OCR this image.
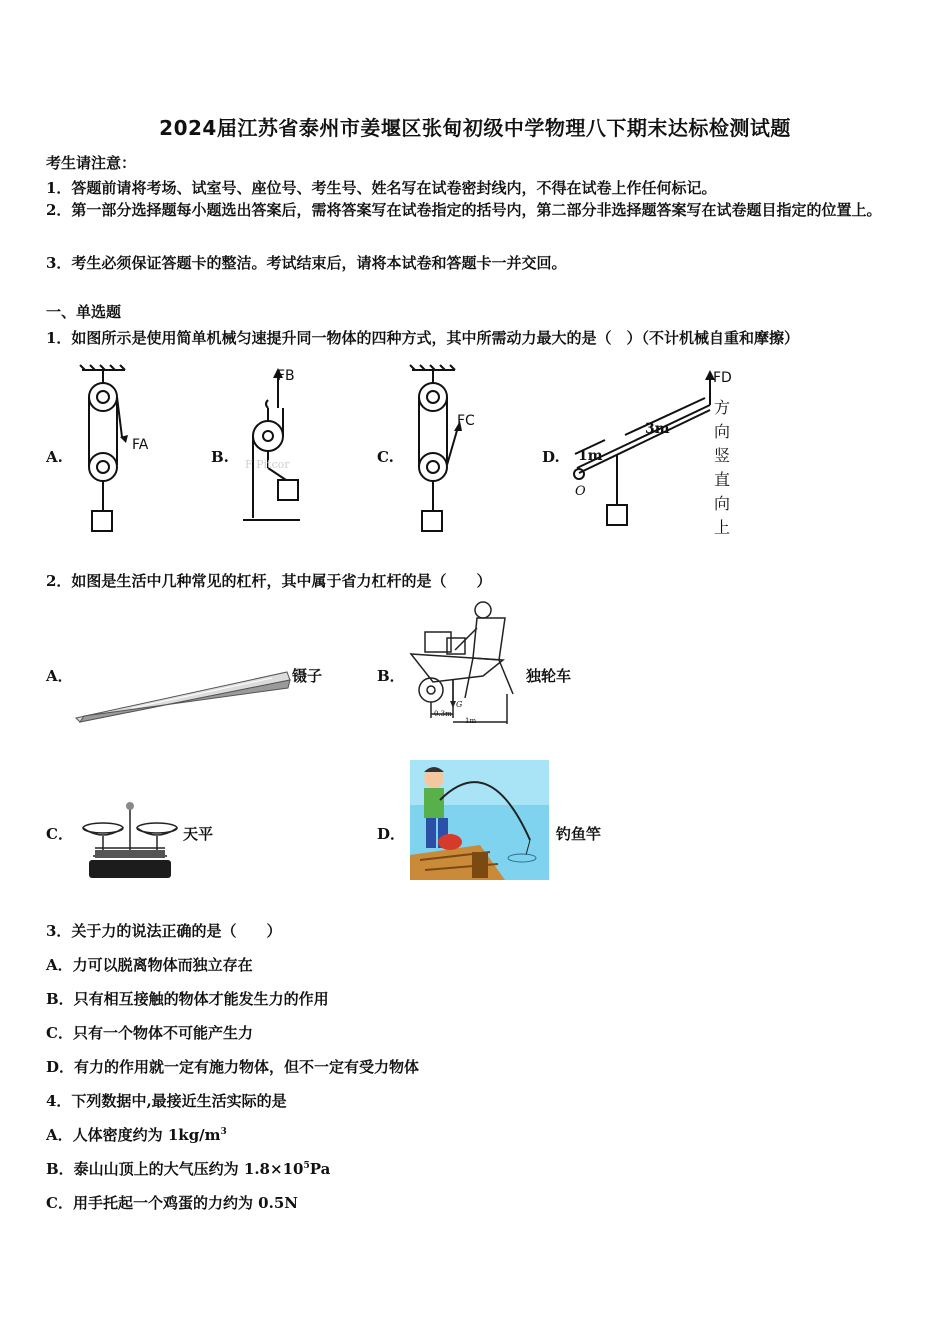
2024届江苏省泰州市姜堰区张甸初级中学物理八下期末达标检测试题
考生请注意：
1．答题前请将考场、试室号、座位号、考生号、姓名写在试卷密封线内，不得在试卷上作任何标记。
2．第一部分选择题每小题选出答案后，需将答案写在试卷指定的括号内，第二部分非选择题答案写在试卷题目指定的位置上。
3．考生必须保证答题卡的整洁。考试结束后，请将本试卷和答题卡一并交回。
一、单选题
1．如图所示是使用简单机械匀速提升同一物体的四种方式，其中所需动力最大的是（　）（不计机械自重和摩擦）
A.	B.	C.	D.
FA
FB
F Pitcor
FC
FD
1m
3m
O
方向竖直向上
2．如图是生活中几种常见的杠杆，其中属于省力杠杆的是（　　）
A．	镊子	B．
G
0.3m
1m
独轮车
C．	天平	D．	钓鱼竿
3．关于力的说法正确的是（　　）
A．力可以脱离物体而独立存在
B．只有相互接触的物体才能发生力的作用
C．只有一个物体不可能产生力
D．有力的作用就一定有施力物体，但不一定有受力物体
4．下列数据中,最接近生活实际的是
A．人体密度约为 $1kg/m^3$
B．泰山山顶上的大气压约为 $1.8\times 10^5Pa$
C．用手托起一个鸡蛋的力约为 0.5N
